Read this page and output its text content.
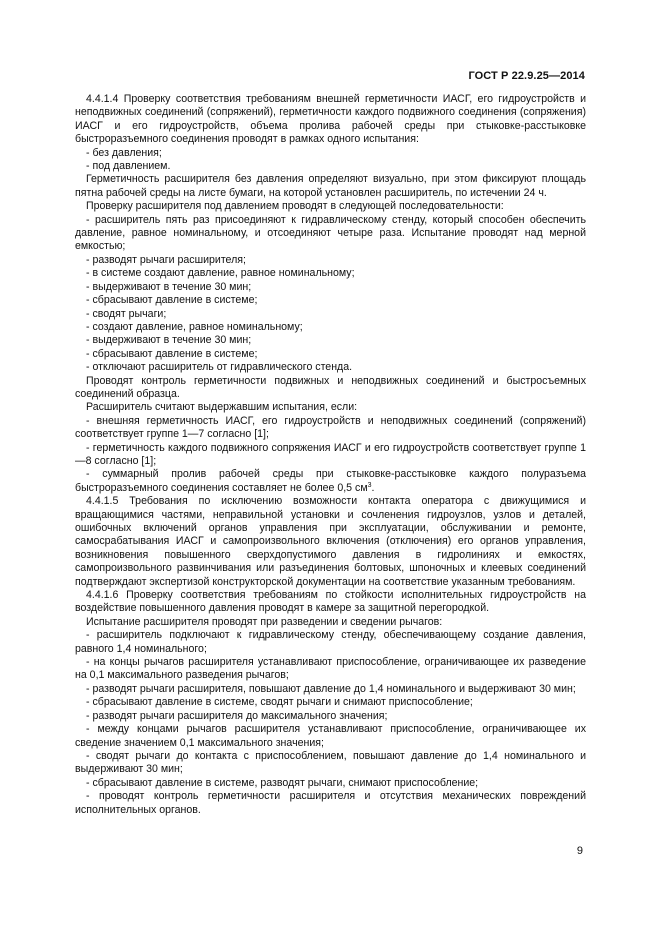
ГОСТ Р 22.9.25—2014

4.4.1.4 Проверку соответствия требованиям внешней герметичности ИАСГ, его гидроустройств и неподвижных соединений (сопряжений), герметичности каждого подвижного соединения (сопряжения) ИАСГ и его гидроустройств, объема пролива рабочей среды при стыковке-расстыковке быстроразъемного соединения проводят в рамках одного испытания:

- без давления;

- под давлением.

Герметичность расширителя без давления определяют визуально, при этом фиксируют площадь пятна рабочей среды на листе бумаги, на которой установлен расширитель, по истечении 24 ч.

Проверку расширителя под давлением проводят в следующей последовательности:

- расширитель пять раз присоединяют к гидравлическому стенду, который способен обеспечить давление, равное номинальному, и отсоединяют четыре раза. Испытание проводят над мерной емкостью;

- разводят рычаги расширителя;

- в системе создают давление, равное номинальному;

- выдерживают в течение 30 мин;

- сбрасывают давление в системе;

- сводят рычаги;

- создают давление, равное номинальному;

- выдерживают в течение 30 мин;

- сбрасывают давление в системе;

- отключают расширитель от гидравлического стенда.

Проводят контроль герметичности подвижных и неподвижных соединений и быстросъемных соединений образца.

Расширитель считают выдержавшим испытания, если:

- внешняя герметичность ИАСГ, его гидроустройств и неподвижных соединений (сопряжений) соответствует группе 1—7 согласно [1];

- герметичность каждого подвижного сопряжения ИАСГ и его гидроустройств соответствует группе 1—8 согласно [1];

- суммарный пролив рабочей среды при стыковке-расстыковке каждого полуразъема быстроразъемного соединения составляет не более 0,5 $см^3$.

4.4.1.5 Требования по исключению возможности контакта оператора с движущимися и вращающимися частями, неправильной установки и сочленения гидроузлов, узлов и деталей, ошибочных включений органов управления при эксплуатации, обслуживании и ремонте, самосрабатывания ИАСГ и самопроизвольного включения (отключения) его органов управления, возникновения повышенного сверхдопустимого давления в гидролиниях и емкостях, самопроизвольного развинчивания или разъединения болтовых, шпоночных и клеевых соединений подтверждают экспертизой конструкторской документации на соответствие указанным требованиям.

4.4.1.6 Проверку соответствия требованиям по стойкости исполнительных гидроустройств на воздействие повышенного давления проводят в камере за защитной перегородкой.

Испытание расширителя проводят при разведении и сведении рычагов:

- расширитель подключают к гидравлическому стенду, обеспечивающему создание давления, равного 1,4 номинального;

- на концы рычагов расширителя устанавливают приспособление, ограничивающее их разведение на 0,1 максимального разведения рычагов;

- разводят рычаги расширителя, повышают давление до 1,4 номинального и выдерживают 30 мин;

- сбрасывают давление в системе, сводят рычаги и снимают приспособление;

- разводят рычаги расширителя до максимального значения;

- между концами рычагов расширителя устанавливают приспособление, ограничивающее их сведение значением 0,1 максимального значения;

- сводят рычаги до контакта с приспособлением, повышают давление до 1,4 номинального и выдерживают 30 мин;

- сбрасывают давление в системе, разводят рычаги, снимают приспособление;

- проводят контроль герметичности расширителя и отсутствия механических повреждений исполнительных органов.

9
